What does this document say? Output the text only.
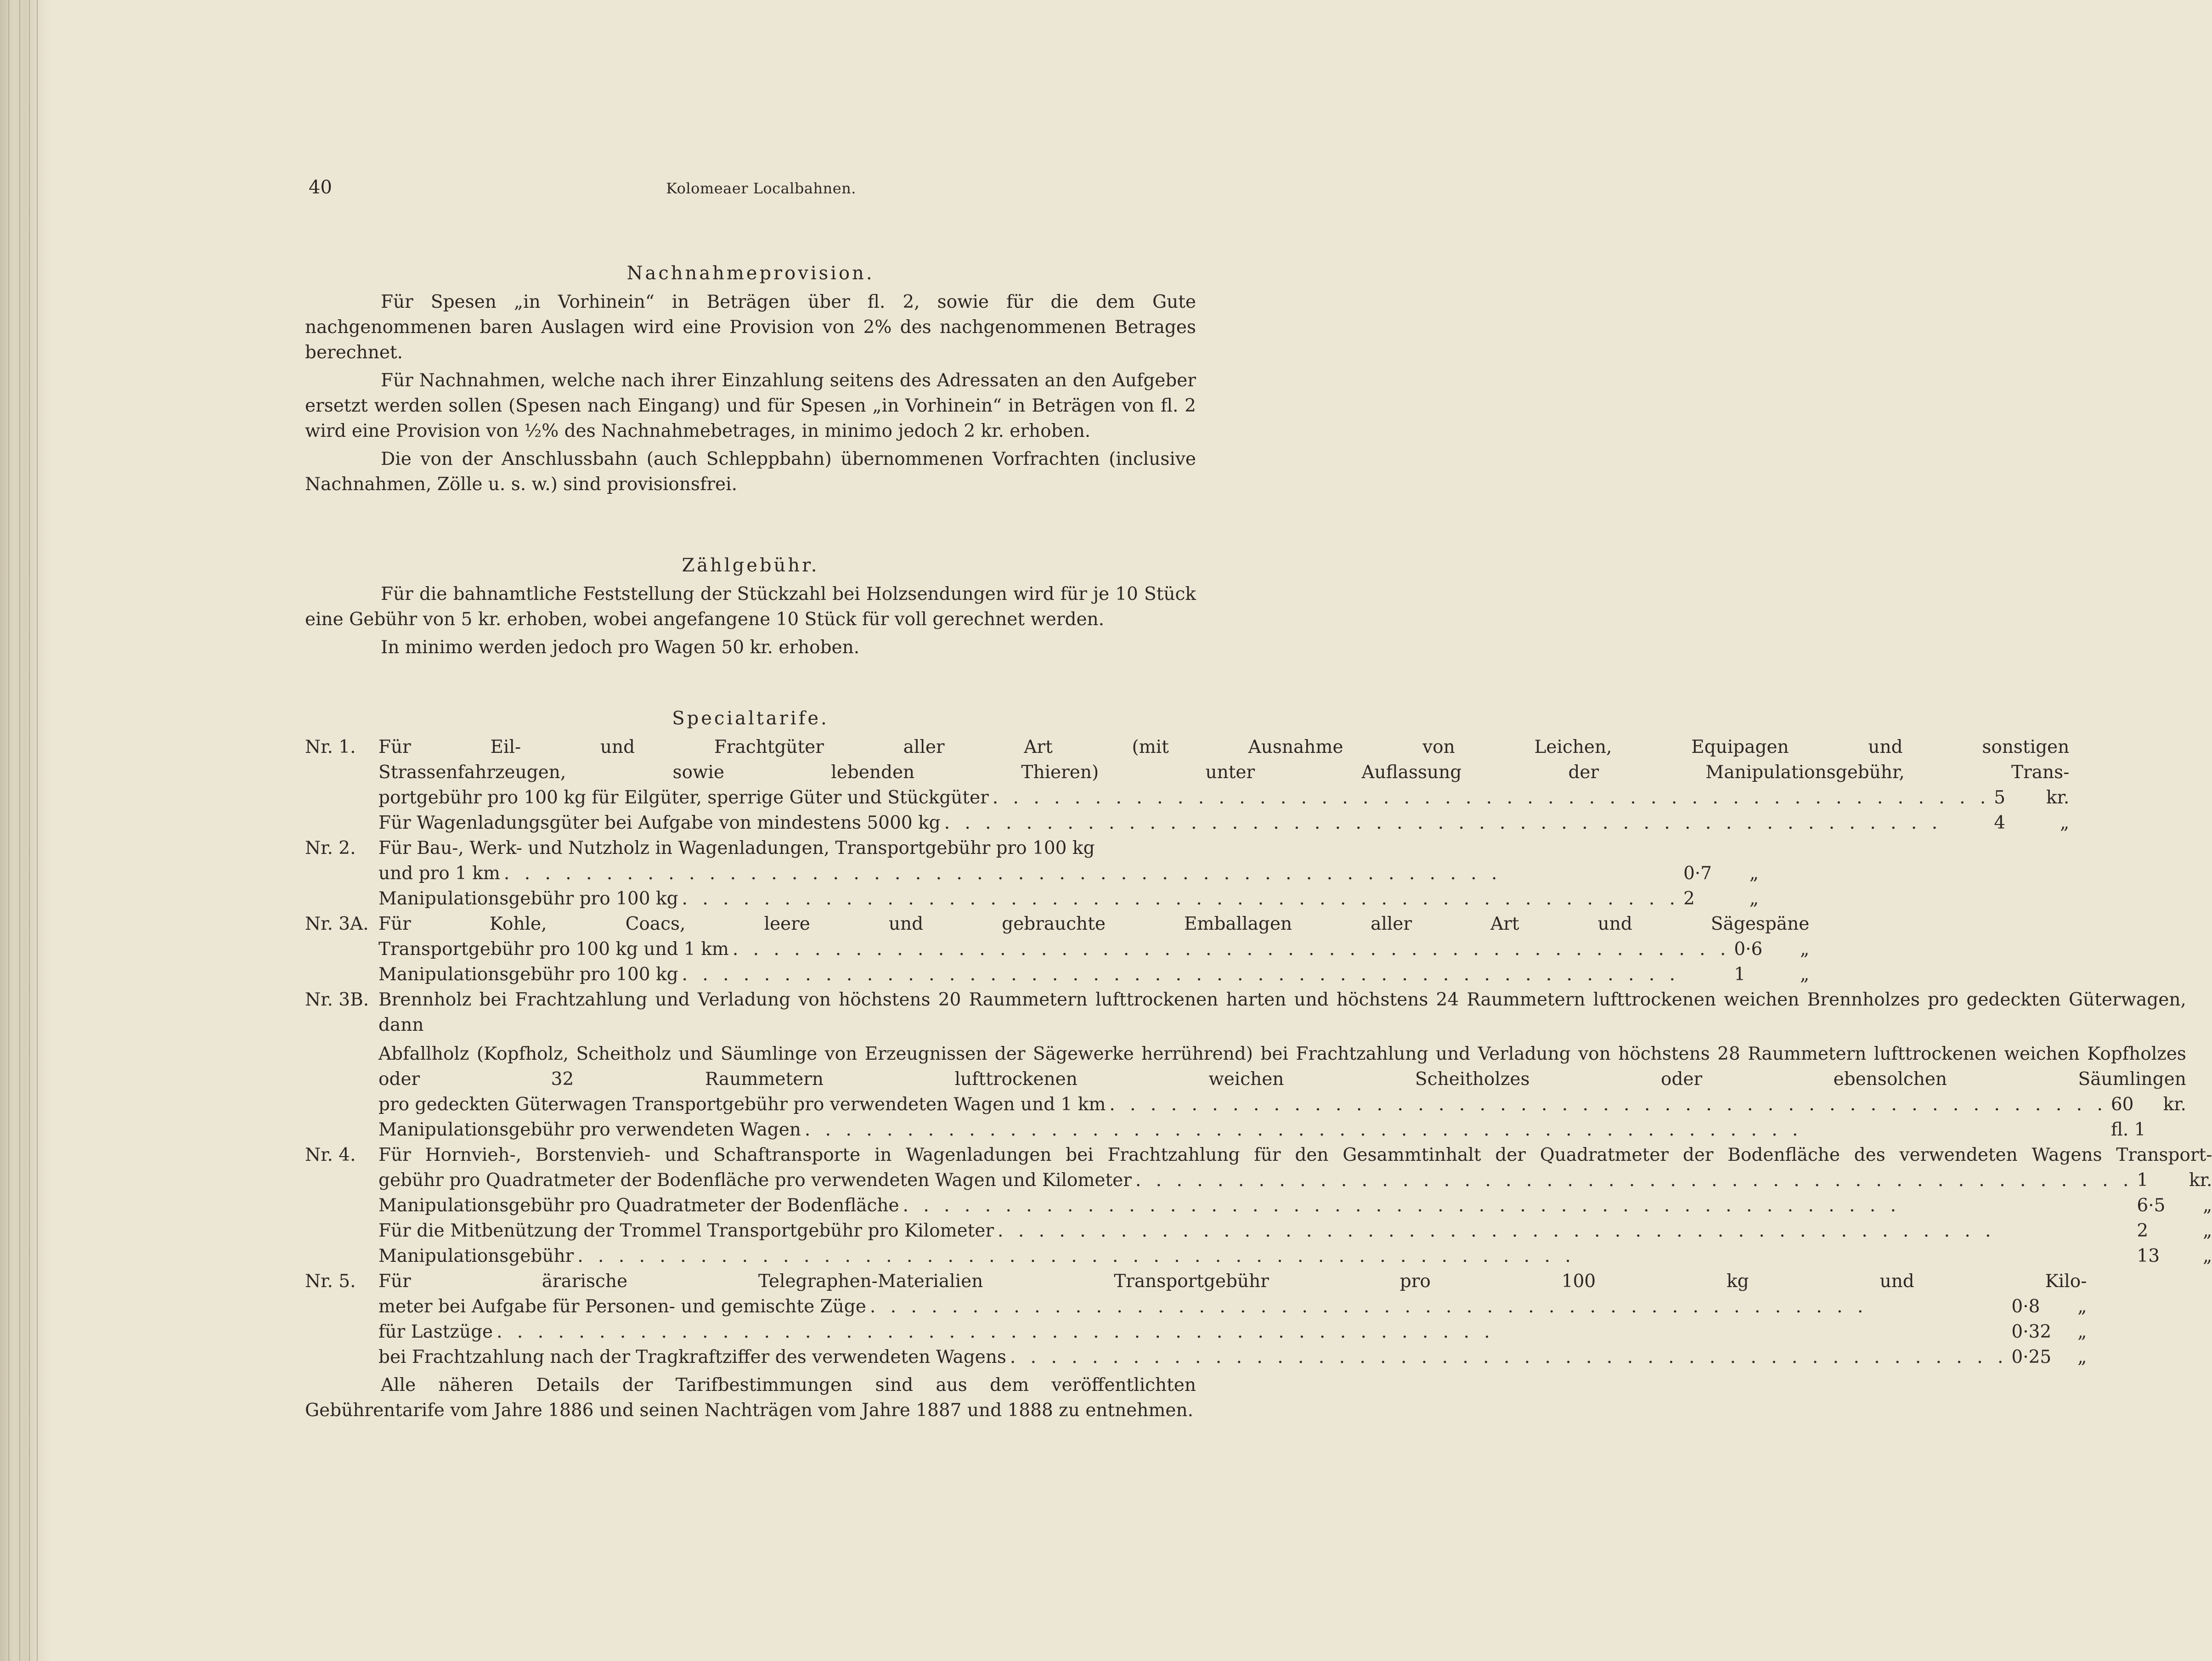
40	Kolomeaer Localbahnen.
Nachnahmeprovision.

Für Spesen „in Vorhinein“ in Beträgen über fl. 2, sowie für die dem Gute nachgenommenen baren Auslagen wird eine Provision von 2% des nachgenommenen Betrages berechnet.

Für Nachnahmen, welche nach ihrer Einzahlung seitens des Adressaten an den Aufgeber ersetzt werden sollen (Spesen nach Eingang) und für Spesen „in Vorhinein“ in Beträgen von fl. 2 wird eine Provision von ½% des Nachnahmebetrages, in minimo jedoch 2 kr. erhoben.

Die von der Anschlussbahn (auch Schleppbahn) übernommenen Vorfrachten (inclusive Nachnahmen, Zölle u. s. w.) sind provisionsfrei.

Zählgebühr.

Für die bahnamtliche Feststellung der Stückzahl bei Holzsendungen wird für je 10 Stück eine Gebühr von 5 kr. erhoben, wobei angefangene 10 Stück für voll gerechnet werden.

In minimo werden jedoch pro Wagen 50 kr. erhoben.

Specialtarife.
Nr. 1.	Für Eil- und Frachtgüter aller Art (mit Ausnahme von Leichen, Equipagen und sonstigen
Strassenfahrzeugen, sowie lebenden Thieren) unter Auflassung der Manipulationsgebühr, Trans-
portgebühr pro 100 kg für Eilgüter, sperrige Güter und Stückgüter . . . . . . . . . . . . . . . . . . . . . . . . . . . . . . . . . . . . . . . . . . . . . . . . . 5	kr.
Für Wagenladungsgüter bei Aufgabe von mindestens 5000 kg . . . . . . . . . . . . . . . . . . . . . . . . . . . . . . . . . . . . . . . . . . . . . . . . .	4	„
Nr. 2.	Für Bau-, Werk- und Nutzholz in Wagenladungen, Transportgebühr pro 100 kg
und pro 1 km . . . . . . . . . . . . . . . . . . . . . . . . . . . . . . . . . . . . . . . . . . . . . . . . .	0·7	„
Manipulationsgebühr pro 100 kg . . . . . . . . . . . . . . . . . . . . . . . . . . . . . . . . . . . . . . . . . . . . . . . . . 2	„
Nr. 3A. Für Kohle, Coacs, leere und gebrauchte Emballagen aller Art und Sägespäne
Transportgebühr pro 100 kg und 1 km . . . . . . . . . . . . . . . . . . . . . . . . . . . . . . . . . . . . . . . . . . . . . . . . . 0·6	„
Manipulationsgebühr pro 100 kg . . . . . . . . . . . . . . . . . . . . . . . . . . . . . . . . . . . . . . . . . . . . . . . . .	1	„
Nr. 3B. Brennholz bei Frachtzahlung und Verladung von höchstens 20 Raummetern lufttrockenen harten und höchstens 24 Raummetern lufttrockenen weichen Brennholzes pro gedeckten Güterwagen, dann

Abfallholz (Kopfholz, Scheitholz und Säumlinge von Erzeugnissen der Sägewerke herrührend) bei Frachtzahlung und Verladung von höchstens 28 Raummetern lufttrockenen weichen Kopfholzes oder 32 Raummetern lufttrockenen weichen Scheitholzes oder ebensolchen Säumlingen

pro gedeckten Güterwagen Transportgebühr pro verwendeten Wagen und 1 km . . . . . . . . . . . . . . . . . . . . . . . . . . . . . . . . . . . . . . . . . . . . . . . . . 60	kr.
Manipulationsgebühr pro verwendeten Wagen . . . . . . . . . . . . . . . . . . . . . . . . . . . . . . . . . . . . . . . . . . . . . . . . .	fl. 1
Nr. 4.	Für Hornvieh-, Borstenvieh- und Schaftransporte in Wagenladungen bei Frachtzahlung für den Gesammtinhalt der Quadratmeter der Bodenfläche des verwendeten Wagens Transport-

gebühr pro Quadratmeter der Bodenfläche pro verwendeten Wagen und Kilometer . . . . . . . . . . . . . . . . . . . . . . . . . . . . . . . . . . . . . . . . . . . . . . . . . 1	kr.
Manipulationsgebühr pro Quadratmeter der Bodenfläche . . . . . . . . . . . . . . . . . . . . . . . . . . . . . . . . . . . . . . . . . . . . . . . . .	6·5	„
Für die Mitbenützung der Trommel Transportgebühr pro Kilometer . . . . . . . . . . . . . . . . . . . . . . . . . . . . . . . . . . . . . . . . . . . . . . . . .	2	„
Manipulationsgebühr . . . . . . . . . . . . . . . . . . . . . . . . . . . . . . . . . . . . . . . . . . . . . . . . .	13	„
Nr. 5.	Für ärarische Telegraphen-Materialien Transportgebühr pro 100 kg und Kilo-
meter bei Aufgabe für Personen- und gemischte Züge . . . . . . . . . . . . . . . . . . . . . . . . . . . . . . . . . . . . . . . . . . . . . . . . .	0·8	„
für Lastzüge . . . . . . . . . . . . . . . . . . . . . . . . . . . . . . . . . . . . . . . . . . . . . . . . .	0·32	„
bei Frachtzahlung nach der Tragkraftziffer des verwendeten Wagens . . . . . . . . . . . . . . . . . . . . . . . . . . . . . . . . . . . . . . . . . . . . . . . . . 0·25	„

Alle näheren Details der Tarifbestimmungen sind aus dem veröffentlichten Gebührentarife vom Jahre 1886 und seinen Nachträgen vom Jahre 1887 und 1888 zu entnehmen.
